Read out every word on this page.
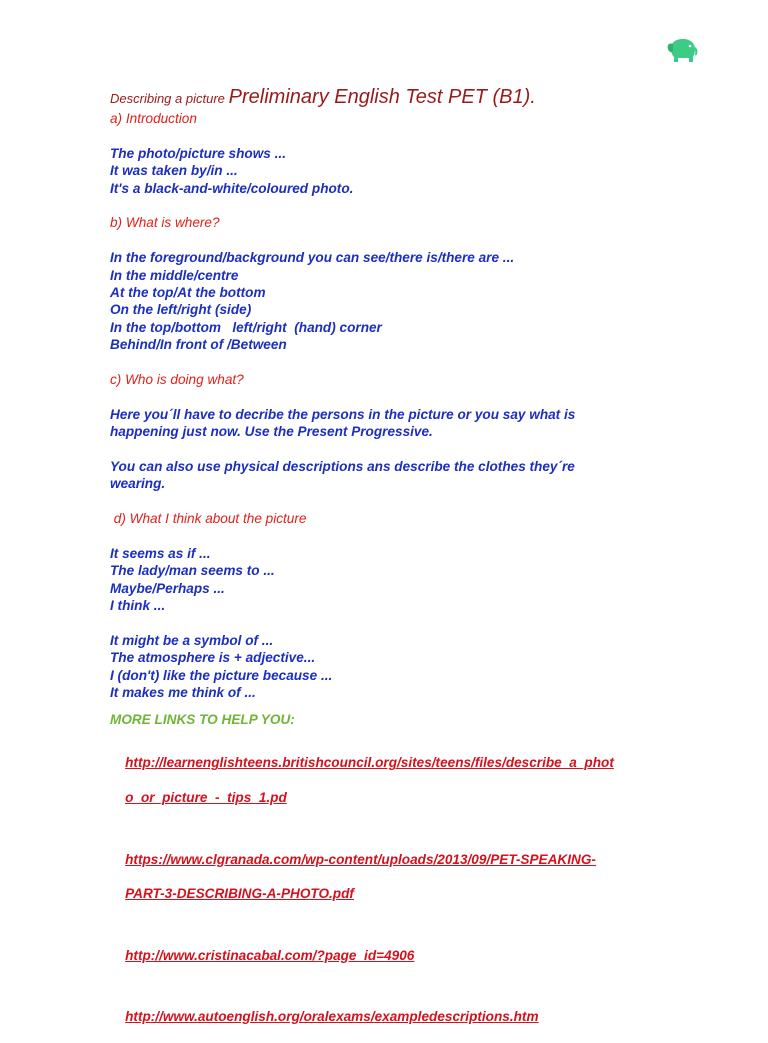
Describing a picture Preliminary English Test PET (B1).
a) Introduction
The photo/picture shows ...
It was taken by/in ...
It's a black-and-white/coloured photo.
b) What is where?
In the foreground/background you can see/there is/there are ...
In the middle/centre
At the top/At the bottom
On the left/right (side)
In the top/bottom   left/right  (hand) corner
Behind/In front of /Between
c) Who is doing what?
Here you´ll have to decribe the persons in the picture or you say what is
happening just now. Use the Present Progressive.
You can also use physical descriptions ans describe the clothes they´re
wearing.
d) What I think about the picture
It seems as if ...
The lady/man seems to ...
Maybe/Perhaps ...
I think ...
It might be a symbol of ...
The atmosphere is + adjective...
I (don't) like the picture because ...
It makes me think of ...
MORE LINKS TO HELP YOU:

http://learnenglishteens.britishcouncil.org/sites/teens/files/describe_a_phot

o_or_picture_-_tips_1.pd

https://www.clgranada.com/wp-content/uploads/2013/09/PET-SPEAKING-

PART-3-DESCRIBING-A-PHOTO.pdf

http://www.cristinacabal.com/?page_id=4906

http://www.autoenglish.org/oralexams/exampledescriptions.htm
